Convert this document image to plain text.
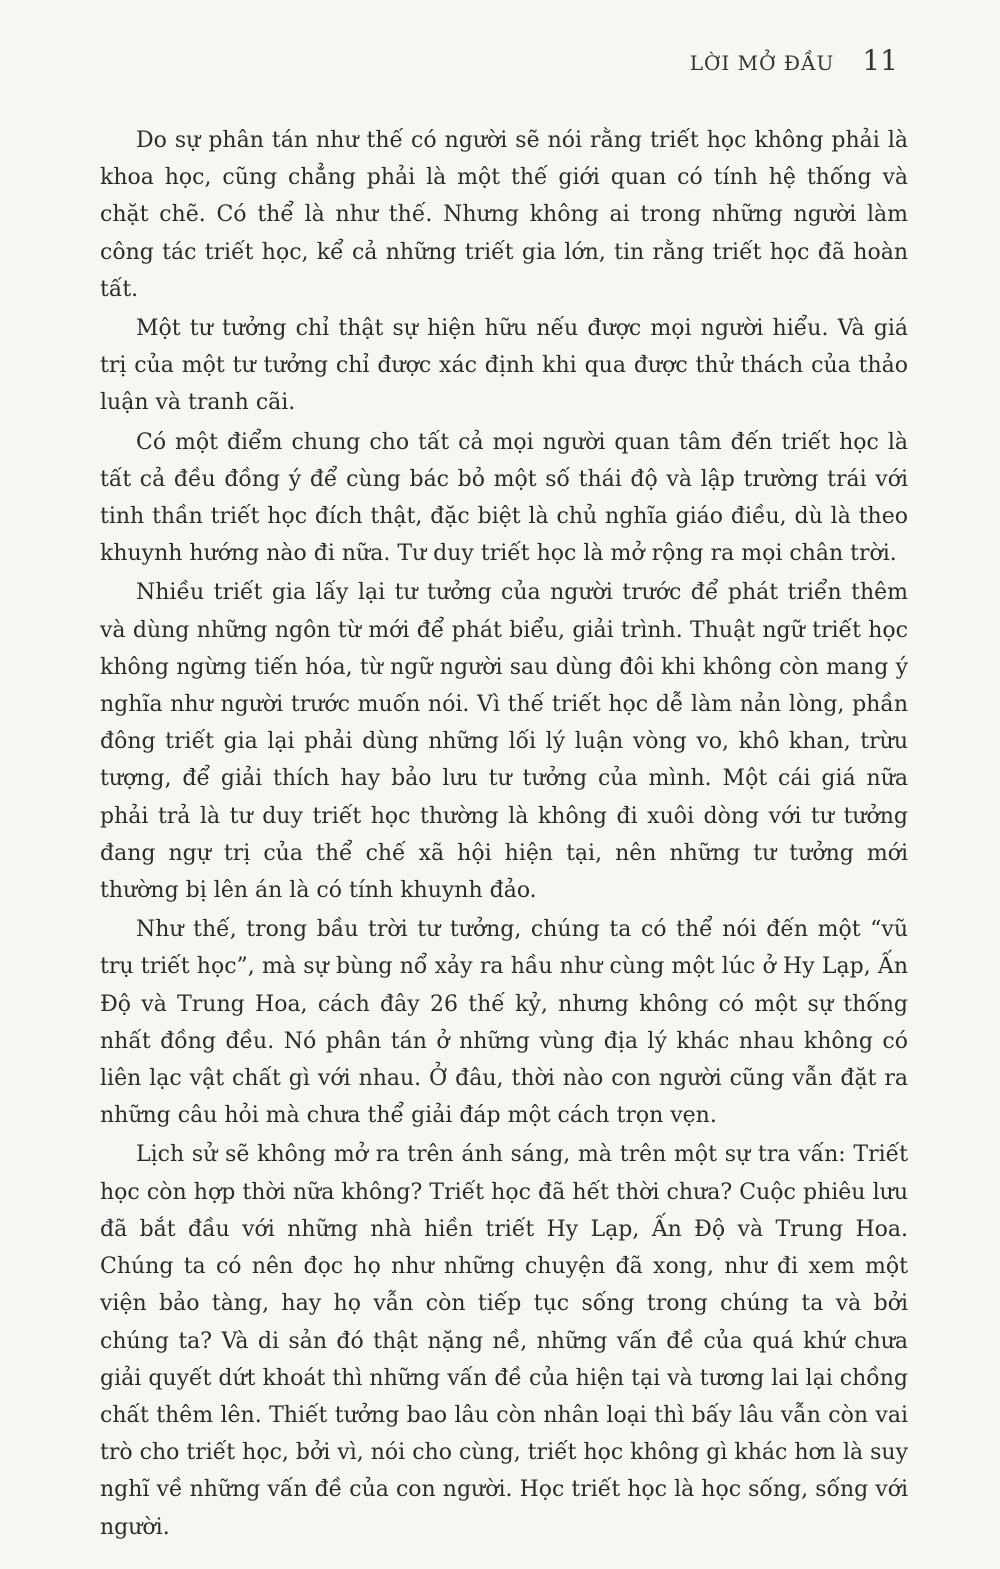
LỜI MỞ ĐẦU 11

Do sự phân tán như thế có người sẽ nói rằng triết học không phải là khoa học, cũng chẳng phải là một thế giới quan có tính hệ thống và chặt chẽ. Có thể là như thế. Nhưng không ai trong những người làm công tác triết học, kể cả những triết gia lớn, tin rằng triết học đã hoàn tất.

Một tư tưởng chỉ thật sự hiện hữu nếu được mọi người hiểu. Và giá trị của một tư tưởng chỉ được xác định khi qua được thử thách của thảo luận và tranh cãi.

Có một điểm chung cho tất cả mọi người quan tâm đến triết học là tất cả đều đồng ý để cùng bác bỏ một số thái độ và lập trường trái với tinh thần triết học đích thật, đặc biệt là chủ nghĩa giáo điều, dù là theo khuynh hướng nào đi nữa. Tư duy triết học là mở rộng ra mọi chân trời.

Nhiều triết gia lấy lại tư tưởng của người trước để phát triển thêm và dùng những ngôn từ mới để phát biểu, giải trình. Thuật ngữ triết học không ngừng tiến hóa, từ ngữ người sau dùng đôi khi không còn mang ý nghĩa như người trước muốn nói. Vì thế triết học dễ làm nản lòng, phần đông triết gia lại phải dùng những lối lý luận vòng vo, khô khan, trừu tượng, để giải thích hay bảo lưu tư tưởng của mình. Một cái giá nữa phải trả là tư duy triết học thường là không đi xuôi dòng với tư tưởng đang ngự trị của thể chế xã hội hiện tại, nên những tư tưởng mới thường bị lên án là có tính khuynh đảo.

Như thế, trong bầu trời tư tưởng, chúng ta có thể nói đến một “vũ trụ triết học”, mà sự bùng nổ xảy ra hầu như cùng một lúc ở Hy Lạp, Ấn Độ và Trung Hoa, cách đây 26 thế kỷ, nhưng không có một sự thống nhất đồng đều. Nó phân tán ở những vùng địa lý khác nhau không có liên lạc vật chất gì với nhau. Ở đâu, thời nào con người cũng vẫn đặt ra những câu hỏi mà chưa thể giải đáp một cách trọn vẹn.

Lịch sử sẽ không mở ra trên ánh sáng, mà trên một sự tra vấn: Triết học còn hợp thời nữa không? Triết học đã hết thời chưa? Cuộc phiêu lưu đã bắt đầu với những nhà hiền triết Hy Lạp, Ấn Độ và Trung Hoa. Chúng ta có nên đọc họ như những chuyện đã xong, như đi xem một viện bảo tàng, hay họ vẫn còn tiếp tục sống trong chúng ta và bởi chúng ta? Và di sản đó thật nặng nề, những vấn đề của quá khứ chưa giải quyết dứt khoát thì những vấn đề của hiện tại và tương lai lại chồng chất thêm lên. Thiết tưởng bao lâu còn nhân loại thì bấy lâu vẫn còn vai trò cho triết học, bởi vì, nói cho cùng, triết học không gì khác hơn là suy nghĩ về những vấn đề của con người. Học triết học là học sống, sống với người.
